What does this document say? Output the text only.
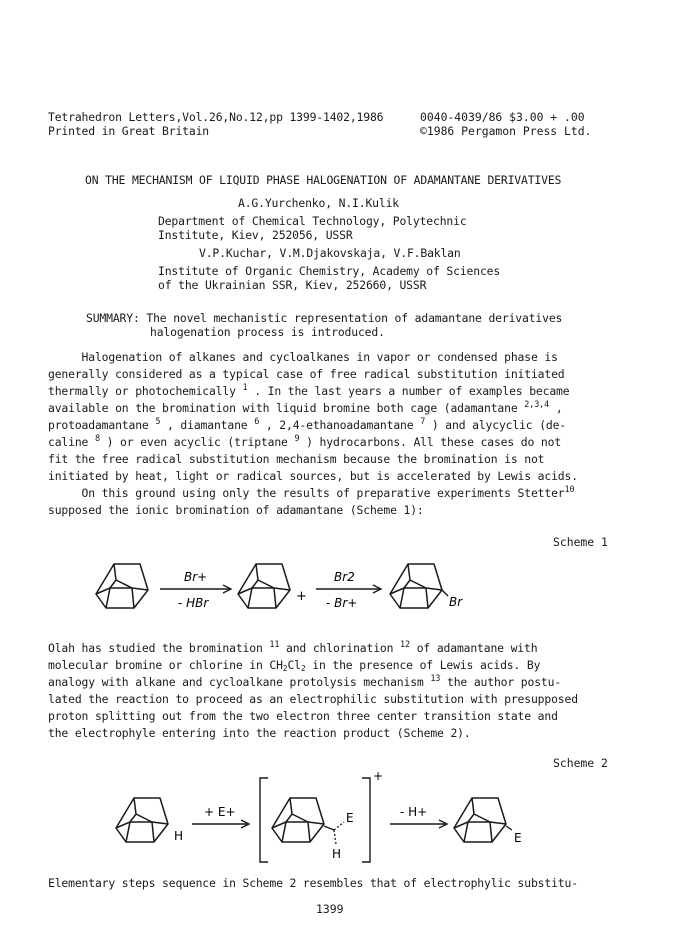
Tetrahedron Letters,Vol.26,No.12,pp 1399-1402,1986	0040-4039/86 $3.00 + .00
Printed in Great Britain	©1986 Pergamon Press Ltd.
ON THE MECHANISM OF LIQUID PHASE HALOGENATION OF ADAMANTANE DERIVATIVES
A.G.Yurchenko, N.I.Kulik
Department of Chemical Technology, Polytechnic
Institute, Kiev, 252056, USSR
V.P.Kuchar, V.M.Djakovskaja, V.F.Baklan
Institute of Organic Chemistry, Academy of Sciences
of the Ukrainian SSR, Kiev, 252660, USSR
SUMMARY: The novel mechanistic representation of adamantane derivatives
halogenation process is introduced.
Halogenation of alkanes and cycloalkanes in vapor or condensed phase is
generally considered as a typical case of free radical substitution initiated
thermally or photochemically $^1$ . In the last years a number of examples became
available on the bromination with liquid bromine both cage (adamantane $^{2,3,4}$ ,
protoadamantane $^5$ , diamantane $^6$ , 2,4-ethanoadamantane $^7$ ) and alycyclic (de-
caline $^8$ ) or even acyclic (triptane $^9$ ) hydrocarbons. All these cases do not
fit the free radical substitution mechanism because the bromination is not
initiated by heat, light or radical sources, but is accelerated by Lewis acids.
On this ground using only the results of preparative experiments Stetter$^{10}$
supposed the ionic bromination of adamantane (Scheme 1):
Scheme 1
Br+
- HBr	+
Br2
- Br+	Br
Olah has studied the bromination $^{11}$ and chlorination $^{12}$ of adamantane with
molecular bromine or chlorine in $CH_2Cl_2$ in the presence of Lewis acids. By
analogy with alkane and cycloalkane protolysis mechanism $^{13}$ the author postu-
lated the reaction to proceed as an electrophilic substitution with presupposed
proton splitting out from the two electron three center transition state and
the electrophyle entering into the reaction product (Scheme 2).
Scheme 2
H
+ E+
+
E
H
- H+
E
Elementary steps sequence in Scheme 2 resembles that of electrophylic substitu-
1399
